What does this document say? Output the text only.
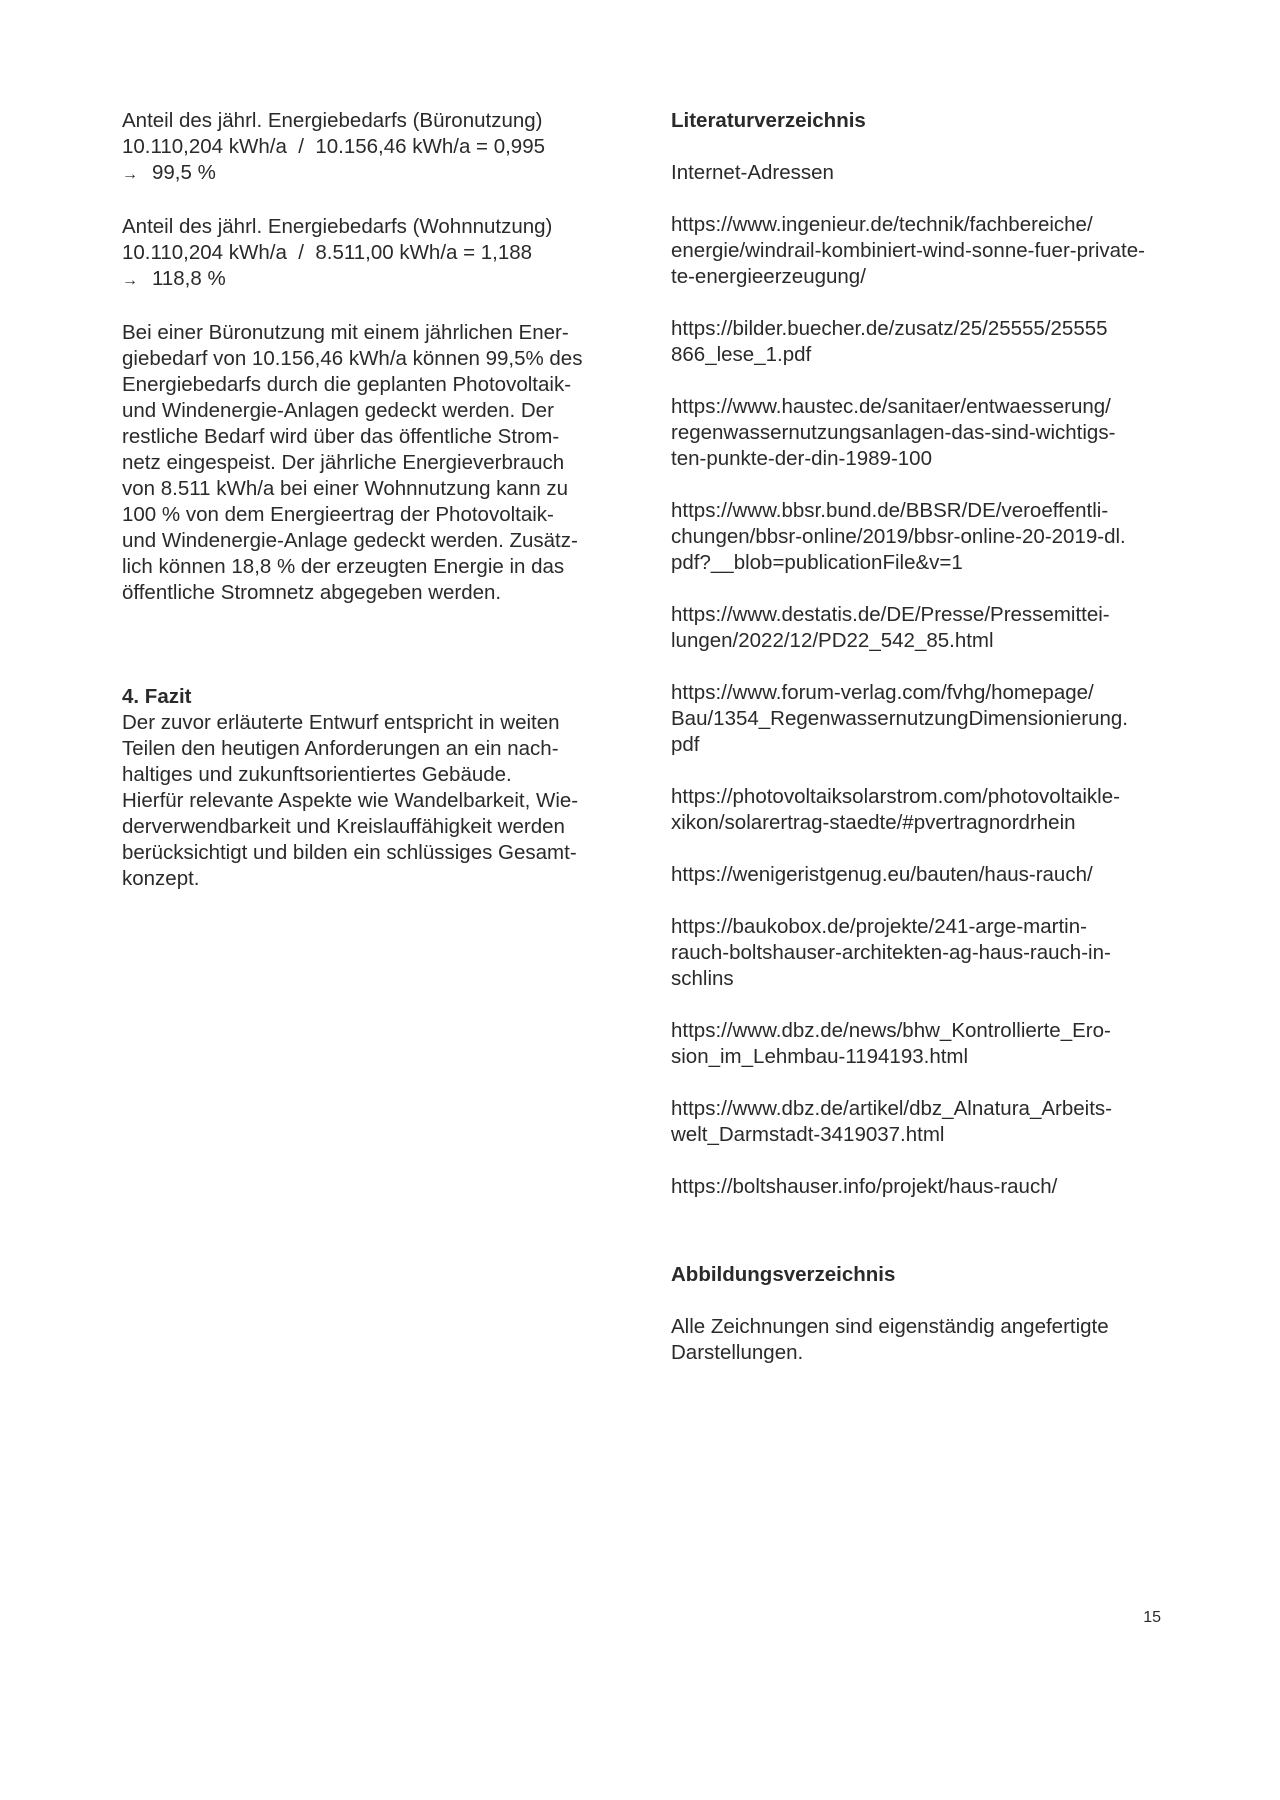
Anteil des jährl. Energiebedarfs (Büronutzung)
10.110,204 kWh/a  /  10.156,46 kWh/a = 0,995
→ 99,5 %
Anteil des jährl. Energiebedarfs (Wohnnutzung)
10.110,204 kWh/a  /  8.511,00 kWh/a = 1,188
→ 118,8 %
Bei einer Büronutzung mit einem jährlichen Ener-
giebedarf von 10.156,46 kWh/a können 99,5% des
Energiebedarfs durch die geplanten Photovoltaik-
und Windenergie-Anlagen gedeckt werden. Der
restliche Bedarf wird über das öffentliche Strom-
netz eingespeist. Der jährliche Energieverbrauch
von 8.511 kWh/a bei einer Wohnnutzung kann zu
100 % von dem Energieertrag der Photovoltaik-
und Windenergie-Anlage gedeckt werden. Zusätz-
lich können 18,8 % der erzeugten Energie in das
öffentliche Stromnetz abgegeben werden.
4. Fazit
Der zuvor erläuterte Entwurf entspricht in weiten
Teilen den heutigen Anforderungen an ein nach-
haltiges und zukunftsorientiertes Gebäude.
Hierfür relevante Aspekte wie Wandelbarkeit, Wie-
derverwendbarkeit und Kreislauffähigkeit werden
berücksichtigt und bilden ein schlüssiges Gesamt-
konzept.
Literaturverzeichnis
Internet-Adressen
https://www.ingenieur.de/technik/fachbereiche/
energie/windrail-kombiniert-wind-sonne-fuer-private-
te-energieerzeugung/
https://bilder.buecher.de/zusatz/25/25555/25555
866_lese_1.pdf
https://www.haustec.de/sanitaer/entwaesserung/
regenwassernutzungsanlagen-das-sind-wichtigs-
ten-punkte-der-din-1989-100
https://www.bbsr.bund.de/BBSR/DE/veroeffentli-
chungen/bbsr-online/2019/bbsr-online-20-2019-dl.
pdf?__blob=publicationFile&v=1
https://www.destatis.de/DE/Presse/Pressemittei-
lungen/2022/12/PD22_542_85.html
https://www.forum-verlag.com/fvhg/homepage/
Bau/1354_RegenwassernutzungDimensionierung.
pdf
https://photovoltaiksolarstrom.com/photovoltaikle-
xikon/solarertrag-staedte/#pvertragnordrhein
https://wenigeristgenug.eu/bauten/haus-rauch/
https://baukobox.de/projekte/241-arge-martin-
rauch-boltshauser-architekten-ag-haus-rauch-in-
schlins
https://www.dbz.de/news/bhw_Kontrollierte_Ero-
sion_im_Lehmbau-1194193.html
https://www.dbz.de/artikel/dbz_Alnatura_Arbeits-
welt_Darmstadt-3419037.html
https://boltshauser.info/projekt/haus-rauch/
Abbildungsverzeichnis
Alle Zeichnungen sind eigenständig angefertigte
Darstellungen.
15
